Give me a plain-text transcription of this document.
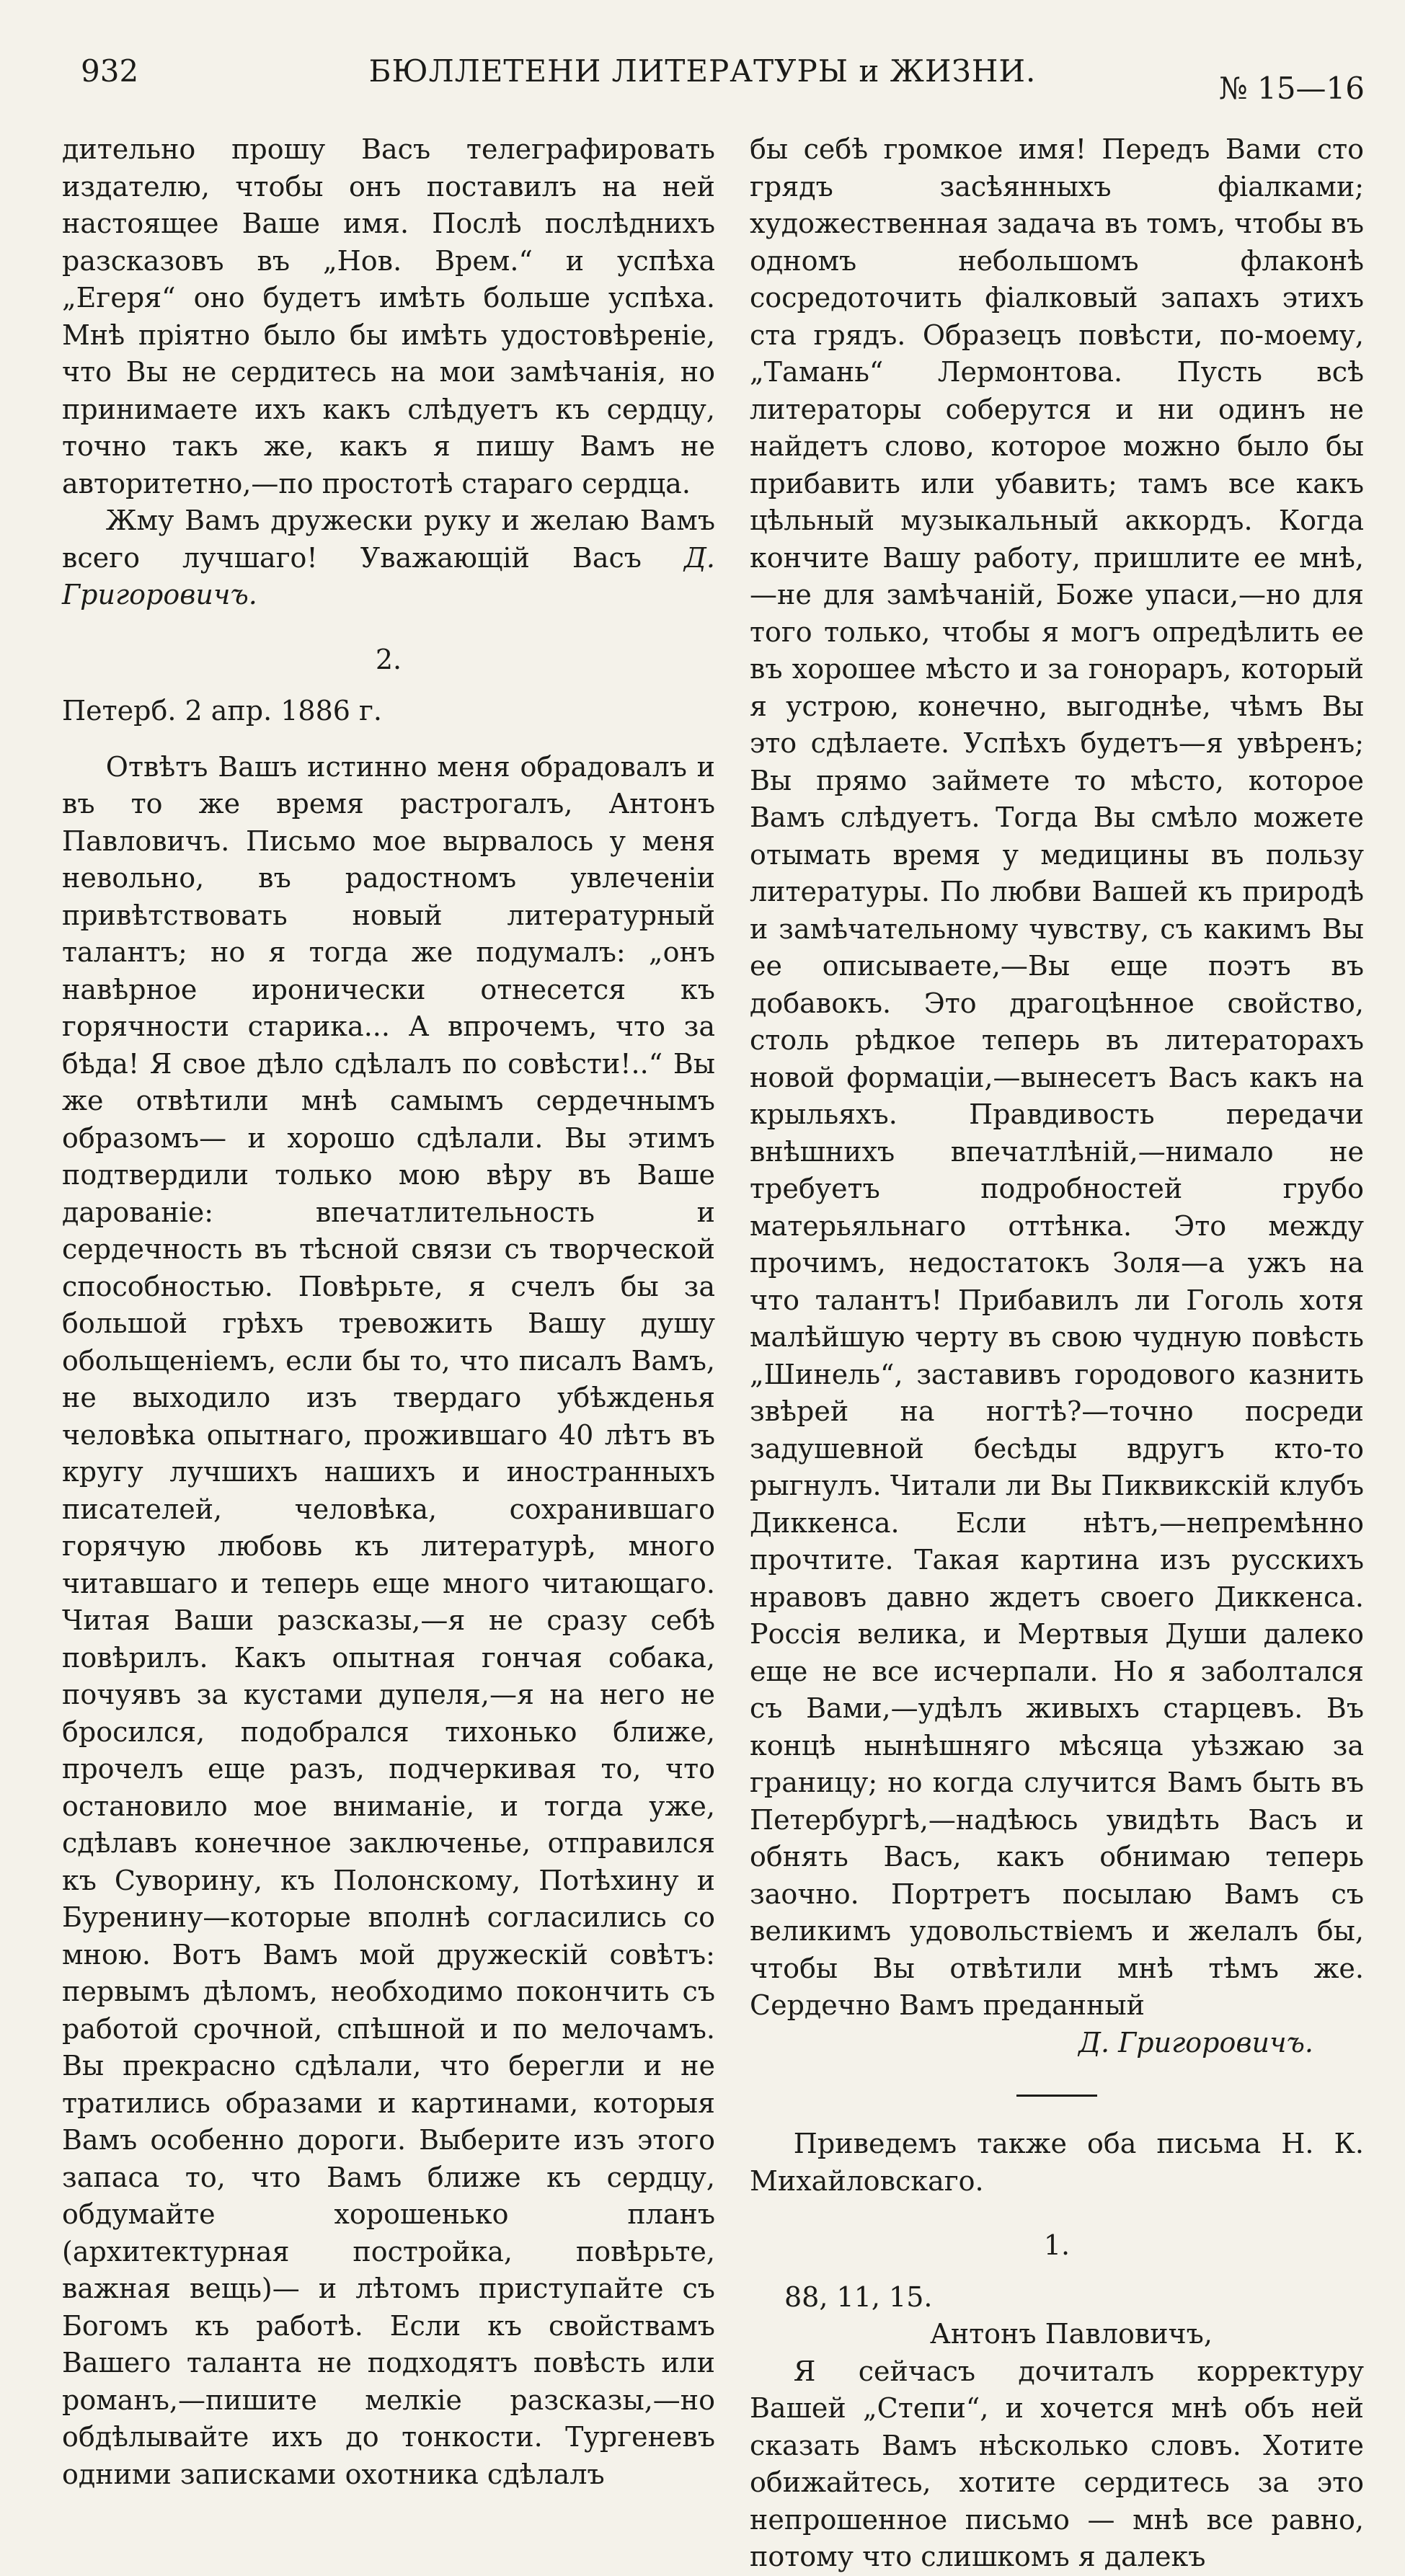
932	БЮЛЛЕТЕНИ ЛИТЕРАТУРЫ и ЖИЗНИ.	№ 15—16

дительно прошу Васъ телеграфировать издателю, чтобы онъ поставилъ на ней настоящее Ваше имя. Послѣ послѣднихъ разсказовъ въ „Нов. Врем.“ и успѣха „Егеря“ оно будетъ имѣть больше успѣха. Мнѣ пріятно было бы имѣть удостовѣреніе, что Вы не сердитесь на мои замѣчанія, но принимаете ихъ какъ слѣдуетъ къ сердцу, точно такъ же, какъ я пишу Вамъ не авторитетно,—по простотѣ стараго сердца.

Жму Вамъ дружески руку и желаю Вамъ всего лучшаго! Уважающій Васъ Д. Григоровичъ.

2.

Петерб. 2 апр. 1886 г.

Отвѣтъ Вашъ истинно меня обрадовалъ и въ то же время растрогалъ, Антонъ Павловичъ. Письмо мое вырвалось у меня невольно, въ радостномъ увлеченіи привѣтствовать новый литературный талантъ; но я тогда же подумалъ: „онъ навѣрное иронически отнесется къ горячности старика... А впрочемъ, что за бѣда! Я свое дѣло сдѣлалъ по совѣсти!..“ Вы же отвѣтили мнѣ самымъ сердечнымъ образомъ— и хорошо сдѣлали. Вы этимъ подтвердили только мою вѣру въ Ваше дарованіе: впечатлительность и сердечность въ тѣсной связи съ творческой способностью. Повѣрьте, я счелъ бы за большой грѣхъ тревожить Вашу душу обольщеніемъ, если бы то, что писалъ Вамъ, не выходило изъ твердаго убѣжденья человѣка опытнаго, прожившаго 40 лѣтъ въ кругу лучшихъ нашихъ и иностранныхъ писателей, человѣка, сохранившаго горячую любовь къ литературѣ, много читавшаго и теперь еще много читающаго. Читая Ваши разсказы,—я не сразу себѣ повѣрилъ. Какъ опытная гончая собака, почуявъ за кустами дупеля,—я на него не бросился, подобрался тихонько ближе, прочелъ еще разъ, подчеркивая то, что остановило мое вниманіе, и тогда уже, сдѣлавъ конечное заключенье, отправился къ Суворину, къ Полонскому, Потѣхину и Буренину—которые вполнѣ согласились со мною. Вотъ Вамъ мой дружескій совѣтъ: первымъ дѣломъ, необходимо покончить съ работой срочной, спѣшной и по мелочамъ. Вы прекрасно сдѣлали, что берегли и не тратились образами и картинами, которыя Вамъ особенно дороги. Выберите изъ этого запаса то, что Вамъ ближе къ сердцу, обдумайте хорошенько планъ (архитектурная постройка, повѣрьте, важная вещь)— и лѣтомъ приступайте съ Богомъ къ работѣ. Если къ свойствамъ Вашего таланта не подходятъ повѣсть или романъ,—пишите мелкіе разсказы,—но обдѣлывайте ихъ до тонкости. Тургеневъ одними записками охотника сдѣлалъ

бы себѣ громкое имя! Передъ Вами сто грядъ засѣянныхъ фіалками; художественная задача въ томъ, чтобы въ одномъ небольшомъ флаконѣ сосредоточить фіалковый запахъ этихъ ста грядъ. Образецъ повѣсти, по-моему, „Тамань“ Лермонтова. Пусть всѣ литераторы соберутся и ни одинъ не найдетъ слово, которое можно было бы прибавить или убавить; тамъ все какъ цѣльный музыкальный аккордъ. Когда кончите Вашу работу, пришлите ее мнѣ,—не для замѣчаній, Боже упаси,—но для того только, чтобы я могъ опредѣлить ее въ хорошее мѣсто и за гонораръ, который я устрою, конечно, выгоднѣе, чѣмъ Вы это сдѣлаете. Успѣхъ будетъ—я увѣренъ; Вы прямо займете то мѣсто, которое Вамъ слѣдуетъ. Тогда Вы смѣло можете отымать время у медицины въ пользу литературы. По любви Вашей къ природѣ и замѣчательному чувству, съ какимъ Вы ее описываете,—Вы еще поэтъ въ добавокъ. Это драгоцѣнное свойство, столь рѣдкое теперь въ литераторахъ новой формаціи,—вынесетъ Васъ какъ на крыльяхъ. Правдивость передачи внѣшнихъ впечатлѣній,—нимало не требуетъ подробностей грубо матерьяльнаго оттѣнка. Это между прочимъ, недостатокъ Золя—а ужъ на что талантъ! Прибавилъ ли Гоголь хотя малѣйшую черту въ свою чудную повѣсть „Шинель“, заставивъ городового казнить звѣрей на ногтѣ?—точно посреди задушевной бесѣды вдругъ кто-то рыгнулъ. Читали ли Вы Пиквикскій клубъ Диккенса. Если нѣтъ,—непремѣнно прочтите. Такая картина изъ русскихъ нравовъ давно ждетъ своего Диккенса. Россія велика, и Мертвыя Души далеко еще не все исчерпали. Но я заболтался съ Вами,—удѣлъ живыхъ старцевъ. Въ концѣ нынѣшняго мѣсяца уѣзжаю за границу; но когда случится Вамъ быть въ Петербургѣ,—надѣюсь увидѣть Васъ и обнять Васъ, какъ обнимаю теперь заочно. Портретъ посылаю Вамъ съ великимъ удовольствіемъ и желалъ бы, чтобы Вы отвѣтили мнѣ тѣмъ же. Сердечно Вамъ преданный

Д. Григоровичъ.

Приведемъ также оба письма Н. К. Михайловскаго.

1.

88, 11, 15.

Антонъ Павловичъ,

Я сейчасъ дочиталъ корректуру Вашей „Степи“, и хочется мнѣ объ ней сказать Вамъ нѣсколько словъ. Хотите обижайтесь, хотите сердитесь за это непрошенное письмо — мнѣ все равно, потому что слишкомъ я далекъ
